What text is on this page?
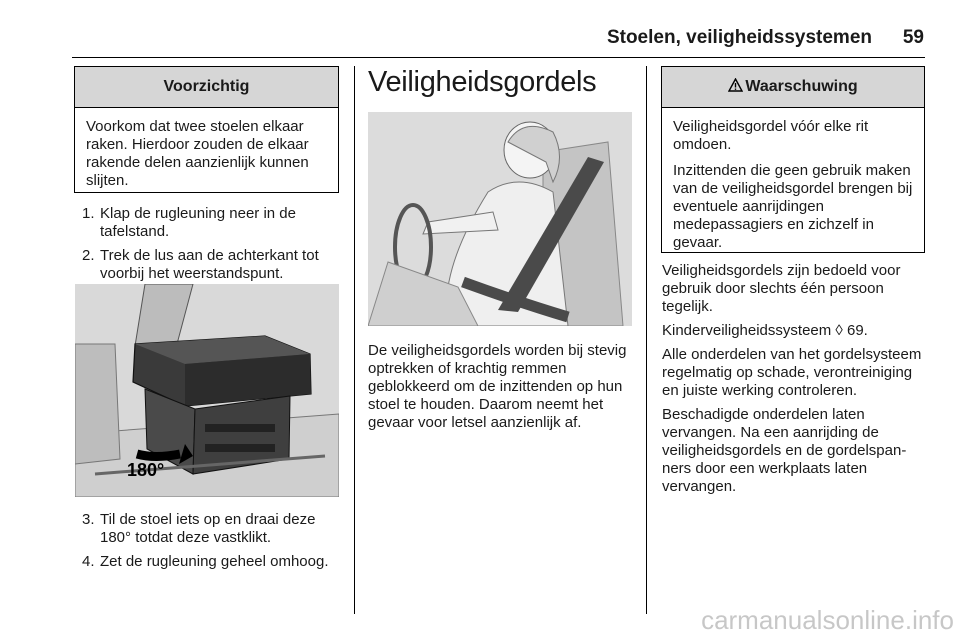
Stoelen, veiligheidssystemen 59
Voorzichtig

Voorkom dat twee stoelen elkaar raken. Hierdoor zouden de elkaar rakende delen aanzienlijk kunnen slijten.

1. Klap de rugleuning neer in de tafelstand.
2. Trek de lus aan de achterkant tot voorbij het weerstandspunt.
180°
3. Til de stoel iets op en draai deze 180° totdat deze vastklikt.
4. Zet de rugleuning geheel omhoog.
Veiligheidsgordels

De veiligheidsgordels worden bij stevig optrekken of krachtig remmen geblokkeerd om de inzittenden op hun stoel te houden. Daarom neemt het gevaar voor letsel aanzienlijk af.

Waarschuwing

Veiligheidsgordel vóór elke rit omdoen.

Inzittenden die geen gebruik maken van de veiligheidsgordel brengen bij eventuele aanrijdingen medepassagiers en zichzelf in gevaar.

Veiligheidsgordels zijn bedoeld voor gebruik door slechts één persoon tegelijk.

Kinderveiligheidssysteem ◊ 69.

Alle onderdelen van het gordelsysteem regelmatig op schade, verontreiniging en juiste werking controleren.

Beschadigde onderdelen laten vervangen. Na een aanrijding de veiligheidsgordels en de gordelspanners door een werkplaats laten vervangen.

carmanualsonline.info
